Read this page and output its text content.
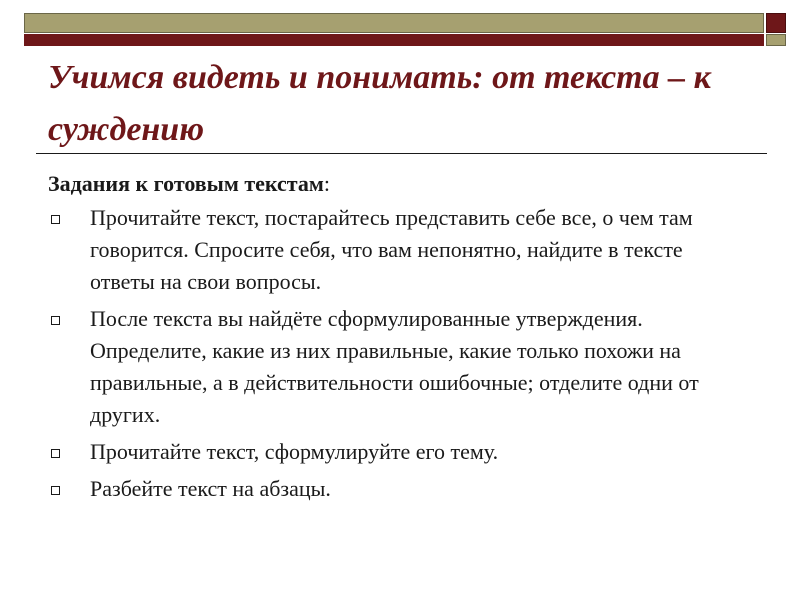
Учимся видеть и понимать: от текста – к суждению

Задания к готовым текстам:

Прочитайте текст, постарайтесь представить себе все, о чем там говорится. Спросите себя, что вам непонятно, найдите в тексте ответы на свои вопросы.
После текста вы найдёте сформулированные утверждения. Определите, какие из них правильные, какие только похожи на правильные, а в действительности ошибочные; отделите одни от других.
Прочитайте текст, сформулируйте его тему.
Разбейте текст на абзацы.
